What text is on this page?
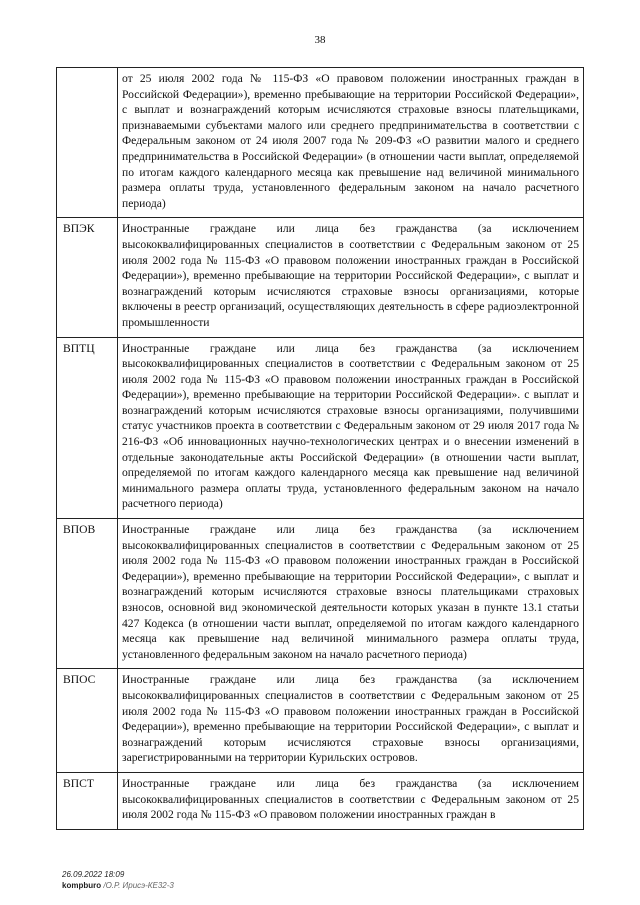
38

	от 25 июля 2002 года № 115-ФЗ «О правовом положении иностранных граждан в Российской Федерации»), временно пребывающие на территории Российской Федерации», с выплат и вознаграждений которым исчисляются страховые взносы плательщиками, признаваемыми субъектами малого или среднего предпринимательства в соответствии с Федеральным законом от 24 июля 2007 года № 209-ФЗ «О развитии малого и среднего предпринимательства в Российской Федерации» (в отношении части выплат, определяемой по итогам каждого календарного месяца как превышение над величиной минимального размера оплаты труда, установленного федеральным законом на начало расчетного периода)

ВПЭК	Иностранные граждане или лица без гражданства (за исключением высококвалифицированных специалистов в соответствии с Федеральным законом от 25 июля 2002 года № 115-ФЗ «О правовом положении иностранных граждан в Российской Федерации»), временно пребывающие на территории Российской Федерации», с выплат и вознаграждений которым исчисляются страховые взносы организациями, которые включены в реестр организаций, осуществляющих деятельность в сфере радиоэлектронной промышленности

ВПТЦ	Иностранные граждане или лица без гражданства (за исключением высококвалифицированных специалистов в соответствии с Федеральным законом от 25 июля 2002 года № 115-ФЗ «О правовом положении иностранных граждан в Российской Федерации»), временно пребывающие на территории Российской Федерации». с выплат и вознаграждений которым исчисляются страховые взносы организациями, получившими статус участников проекта в соответствии с Федеральным законом от 29 июля 2017 года № 216-ФЗ «Об инновационных научно-технологических центрах и о внесении изменений в отдельные законодательные акты Российской Федерации» (в отношении части выплат, определяемой по итогам каждого календарного месяца как превышение над величиной минимального размера оплаты труда, установленного федеральным законом на начало расчетного периода)

ВПОВ	Иностранные граждане или лица без гражданства (за исключением высококвалифицированных специалистов в соответствии с Федеральным законом от 25 июля 2002 года № 115-ФЗ «О правовом положении иностранных граждан в Российской Федерации»), временно пребывающие на территории Российской Федерации», с выплат и вознаграждений которым исчисляются страховые взносы плательщиками страховых взносов, основной вид экономической деятельности которых указан в пункте 13.1 статьи 427 Кодекса (в отношении части выплат, определяемой по итогам каждого календарного месяца как превышение над величиной минимального размера оплаты труда, установленного федеральным законом на начало расчетного периода)

ВПОС	Иностранные граждане или лица без гражданства (за исключением высококвалифицированных специалистов в соответствии с Федеральным законом от 25 июля 2002 года № 115-ФЗ «О правовом положении иностранных граждан в Российской Федерации»), временно пребывающие на территории Российской Федерации», с выплат и вознаграждений которым исчисляются страховые взносы организациями, зарегистрированными на территории Курильских островов.

ВПСТ	Иностранные граждане или лица без гражданства (за исключением высококвалифицированных специалистов в соответствии с Федеральным законом от 25 июля 2002 года № 115-ФЗ «О правовом положении иностранных граждан в
26.09.2022 18:09
kompburo /О.Р. Ирисэ-КЕ32-3
